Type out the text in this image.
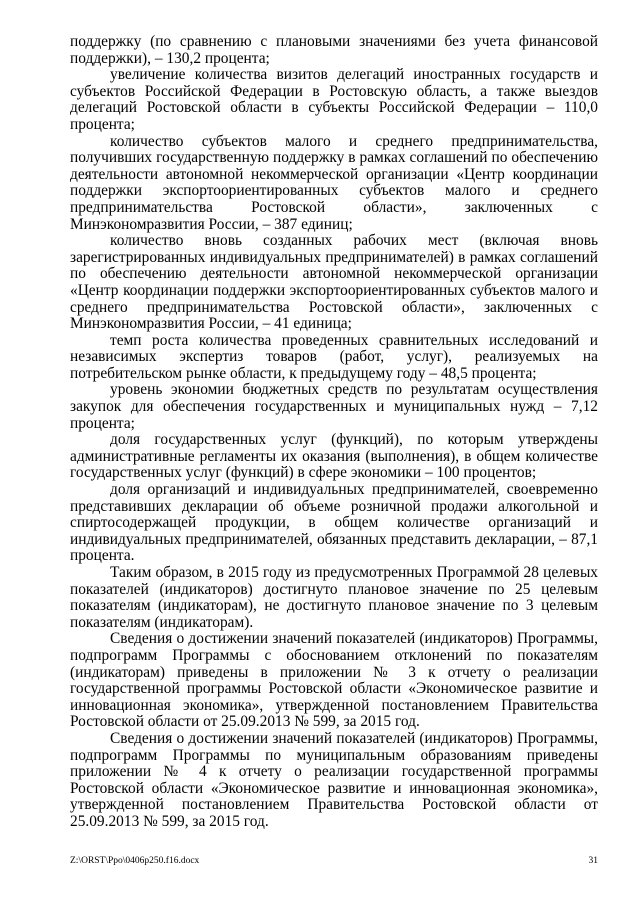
поддержку (по сравнению с плановыми значениями без учета финансовой поддержки), – 130,2 процента;

увеличение количества визитов делегаций иностранных государств и субъектов Российской Федерации в Ростовскую область, а также выездов делегаций Ростовской области в субъекты Российской Федерации – 110,0 процента;

количество субъектов малого и среднего предпринимательства, получивших государственную поддержку в рамках соглашений по обеспечению деятельности автономной некоммерческой организации «Центр координации поддержки экспортоориентированных субъектов малого и среднего предпринимательства Ростовской области», заключенных с Минэкономразвития России, – 387 единиц;

количество вновь созданных рабочих мест (включая вновь зарегистрированных индивидуальных предпринимателей) в рамках соглашений по обеспечению деятельности автономной некоммерческой организации «Центр координации поддержки экспортоориентированных субъектов малого и среднего предпринимательства Ростовской области», заключенных с Минэкономразвития России, – 41 единица;

темп роста количества проведенных сравнительных исследований и независимых экспертиз товаров (работ, услуг), реализуемых на потребительском рынке области, к предыдущему году – 48,5 процента;

уровень экономии бюджетных средств по результатам осуществления закупок для обеспечения государственных и муниципальных нужд – 7,12 процента;

доля государственных услуг (функций), по которым утверждены административные регламенты их оказания (выполнения), в общем количестве государственных услуг (функций) в сфере экономики – 100 процентов;

доля организаций и индивидуальных предпринимателей, своевременно представивших декларации об объеме розничной продажи алкогольной и спиртосодержащей продукции, в общем количестве организаций и индивидуальных предпринимателей, обязанных представить декларации, – 87,1 процента.

Таким образом, в 2015 году из предусмотренных Программой 28 целевых показателей (индикаторов) достигнуто плановое значение по 25 целевым показателям (индикаторам), не достигнуто плановое значение по 3 целевым показателям (индикаторам).

Сведения о достижении значений показателей (индикаторов) Программы, подпрограмм Программы с обоснованием отклонений по показателям (индикаторам) приведены в приложении № 3 к отчету о реализации государственной программы Ростовской области «Экономическое развитие и инновационная экономика», утвержденной постановлением Правительства Ростовской области от 25.09.2013 № 599, за 2015 год.

Сведения о достижении значений показателей (индикаторов) Программы, подпрограмм Программы по муниципальным образованиям приведены приложении № 4 к отчету о реализации государственной программы Ростовской области «Экономическое развитие и инновационная экономика», утвержденной постановлением Правительства Ростовской области от 25.09.2013 № 599, за 2015 год.

Z:\ORST\Ppo\0406p250.f16.docx	31
